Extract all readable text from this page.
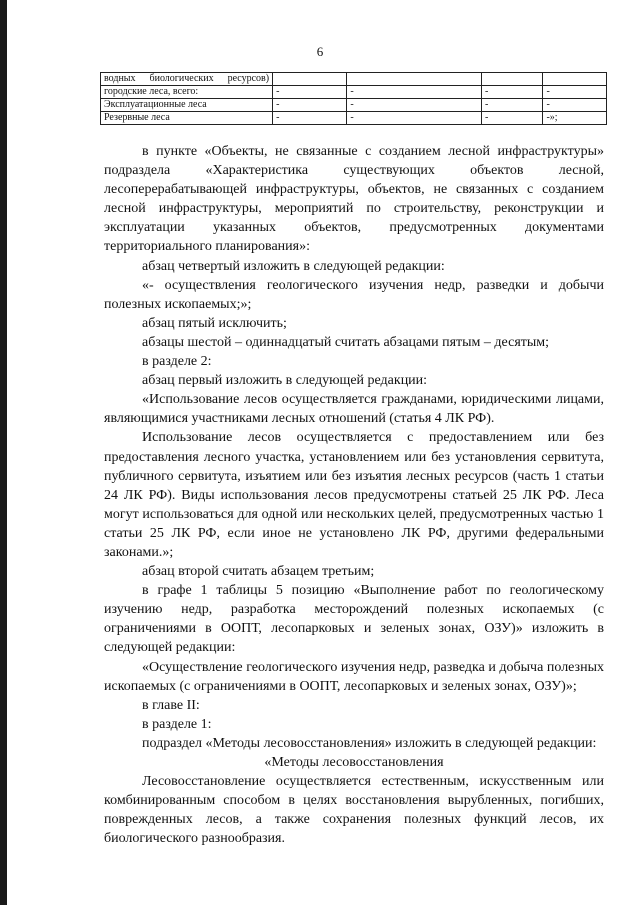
6
водных биологических ресурсов)				
городские леса, всего:	-	-	-	-
Эксплуатационные леса	-	-	-	-
Резервные леса	-	-	-	-»;

в пункте «Объекты, не связанные с созданием лесной инфраструктуры» подраздела «Характеристика существующих объектов лесной, лесоперерабатывающей инфраструктуры, объектов, не связанных с созданием лесной инфраструктуры, мероприятий по строительству, реконструкции и эксплуатации указанных объектов, предусмотренных документами территориального планирования»:

абзац четвертый изложить в следующей редакции:

«- осуществления геологического изучения недр, разведки и добычи полезных ископаемых;»;

абзац пятый исключить;

абзацы шестой – одиннадцатый считать абзацами пятым – десятым;

в разделе 2:

абзац первый изложить в следующей редакции:

«Использование лесов осуществляется гражданами, юридическими лицами, являющимися участниками лесных отношений (статья 4 ЛК РФ).

Использование лесов осуществляется с предоставлением или без предоставления лесного участка, установлением или без установления сервитута, публичного сервитута, изъятием или без изъятия лесных ресурсов (часть 1 статьи 24 ЛК РФ). Виды использования лесов предусмотрены статьей 25 ЛК РФ. Леса могут использоваться для одной или нескольких целей, предусмотренных частью 1 статьи 25 ЛК РФ, если иное не установлено ЛК РФ, другими федеральными законами.»;

абзац второй считать абзацем третьим;

в графе 1 таблицы 5 позицию «Выполнение работ по геологическому изучению недр, разработка месторождений полезных ископаемых (с ограничениями в ООПТ, лесопарковых и зеленых зонах, ОЗУ)» изложить в следующей редакции:

«Осуществление геологического изучения недр, разведка и добыча полезных ископаемых (с ограничениями в ООПТ, лесопарковых и зеленых зонах, ОЗУ)»;

в главе II:

в разделе 1:

подраздел «Методы лесовосстановления» изложить в следующей редакции:

«Методы лесовосстановления

Лесовосстановление осуществляется естественным, искусственным или комбинированным способом в целях восстановления вырубленных, погибших, поврежденных лесов, а также сохранения полезных функций лесов, их биологического разнообразия.
